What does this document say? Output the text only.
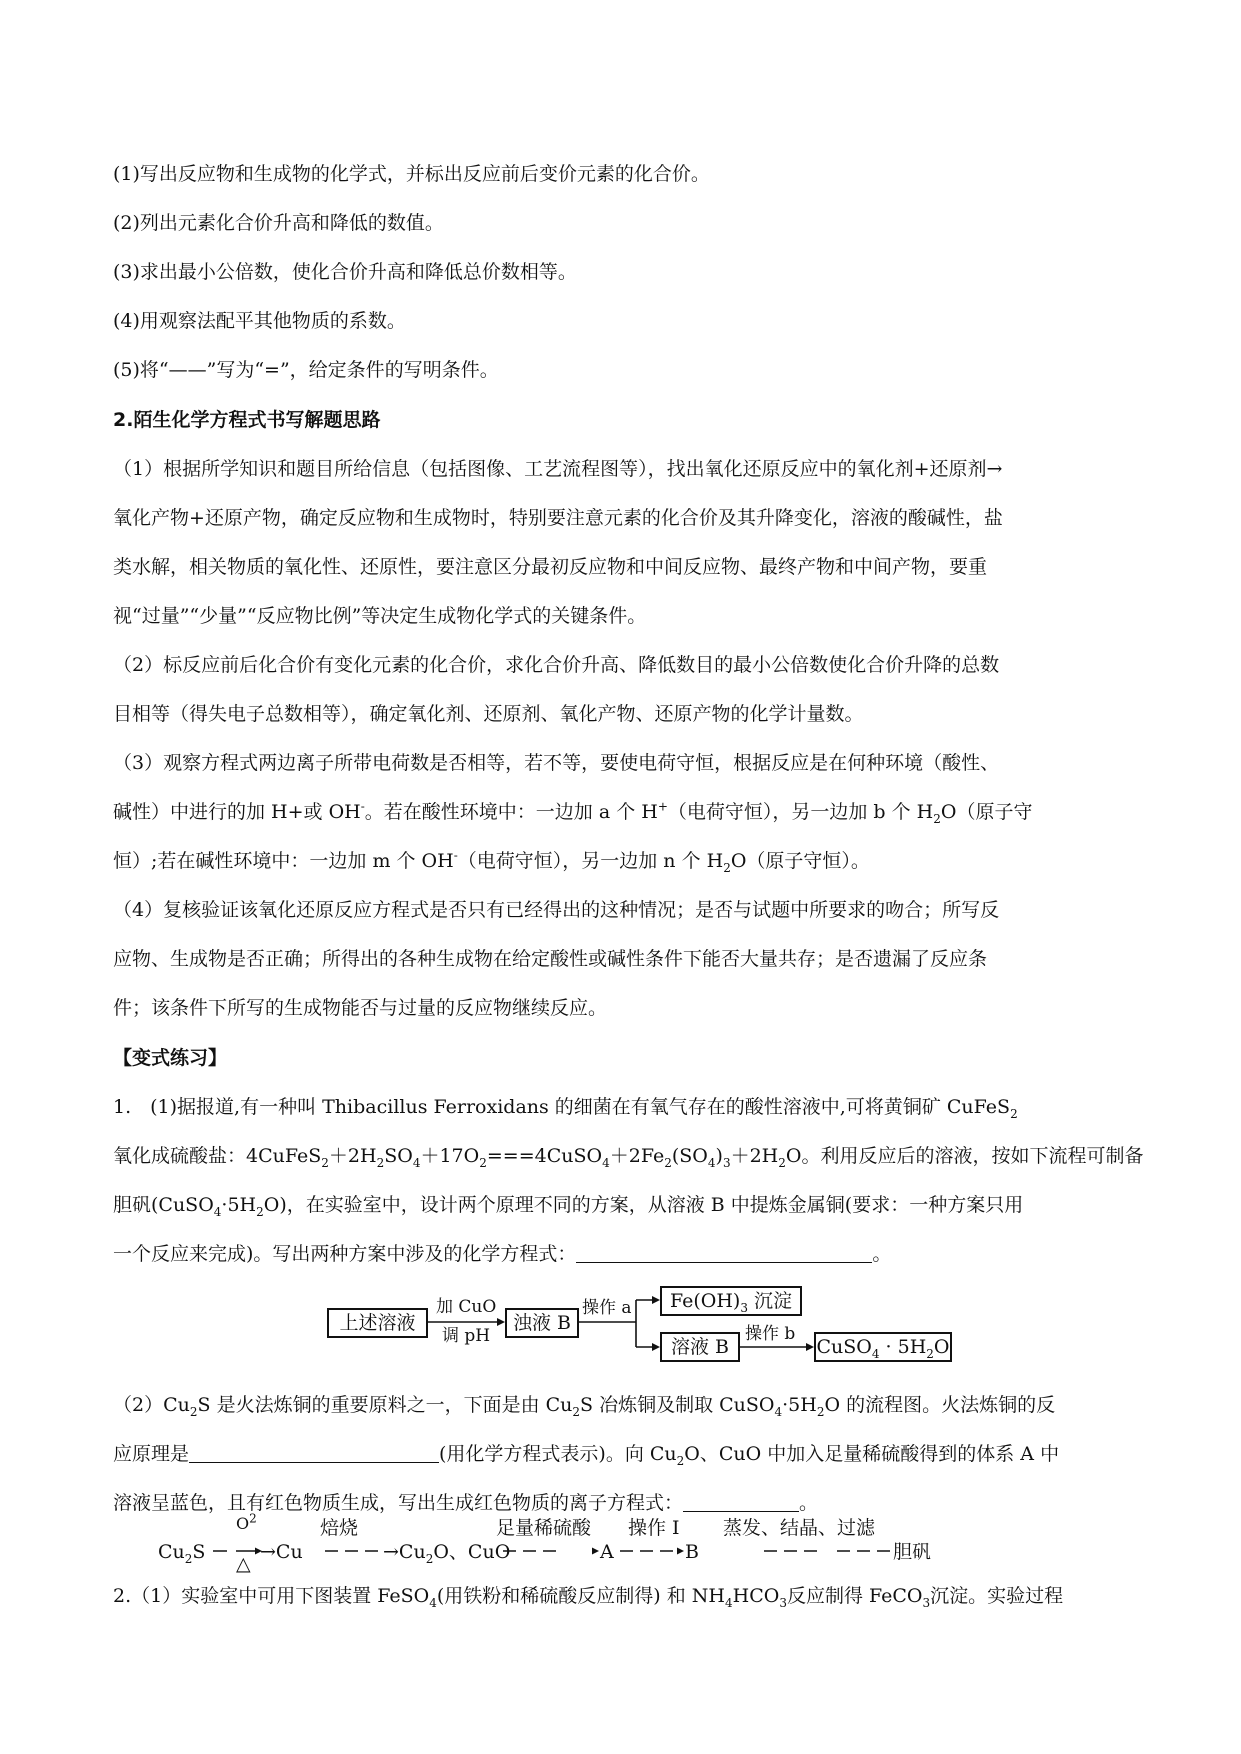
(1)写出反应物和生成物的化学式，并标出反应前后变价元素的化合价。
(2)列出元素化合价升高和降低的数值。
(3)求出最小公倍数，使化合价升高和降低总价数相等。
(4)用观察法配平其他物质的系数。
(5)将“——”写为“=”，给定条件的写明条件。
2.陌生化学方程式书写解题思路
（1）根据所学知识和题目所给信息（包括图像、工艺流程图等），找出氧化还原反应中的氧化剂+还原剂→
氧化产物+还原产物，确定反应物和生成物时，特别要注意元素的化合价及其升降变化，溶液的酸碱性，盐
类水解，相关物质的氧化性、还原性，要注意区分最初反应物和中间反应物、最终产物和中间产物，要重
视“过量”“少量”“反应物比例”等决定生成物化学式的关键条件。
（2）标反应前后化合价有变化元素的化合价，求化合价升高、降低数目的最小公倍数使化合价升降的总数
目相等（得失电子总数相等），确定氧化剂、还原剂、氧化产物、还原产物的化学计量数。
（3）观察方程式两边离子所带电荷数是否相等，若不等，要使电荷守恒，根据反应是在何种环境（酸性、
碱性）中进行的加 H+或 OH-。若在酸性环境中：一边加 a 个 H+（电荷守恒），另一边加 b 个 $H_2O$（原子守
恒）;若在碱性环境中：一边加 m 个 OH-（电荷守恒），另一边加 n 个 $H_2O$（原子守恒）。
（4）复核验证该氧化还原反应方程式是否只有已经得出的这种情况；是否与试题中所要求的吻合；所写反
应物、生成物是否正确；所得出的各种生成物在给定酸性或碱性条件下能否大量共存；是否遗漏了反应条
件；该条件下所写的生成物能否与过量的反应物继续反应。
【变式练习】
1.　(1)据报道,有一种叫 Thibacillus Ferroxidans 的细菌在有氧气存在的酸性溶液中,可将黄铜矿 CuFeS$_2$
氧化成硫酸盐：$4CuFeS_2+2H_2SO_4+17O_2===4CuSO_4+2Fe_2(SO_4)_3+2H_2O$。利用反应后的溶液，按如下流程可制备
胆矾$(CuSO_4\cdot 5H_2O)$，在实验室中，设计两个原理不同的方案，从溶液 B 中提炼金属铜(要求：一种方案只用
一个反应来完成)。写出两种方案中涉及的化学方程式：	。
上述溶液
加 CuO
调 pH
浊液 B
操作 a	$Fe(OH)_3$ 沉淀
溶液 B
操作 b
CuSO$_4$ · $5H_2O$
$(2)Cu_2S$ 是火法炼铜的重要原料之一，下面是由 $Cu_2S$ 冶炼铜及制取 $CuSO_4\cdot 5H_2O$ 的流程图。火法炼铜的反
应原理是	(用化学方程式表示)。向 $Cu_2O$、CuO 中加入足量稀硫酸得到的体系 A 中
溶液呈蓝色，且有红色物质生成，写出生成红色物质的离子方程式：	。
$Cu_2S$
$O^2$
△
→Cu
焙烧
$\to Cu_2O$、CuO
足量稀硫酸
A
操作 I
B
蒸发、结晶、过滤
胆矾
2.（1）实验室中可用下图装置 FeSO$_4$(用铁粉和稀硫酸反应制得) 和 $NH_4HCO_3$反应制得 FeCO$_3$沉淀。实验过程
